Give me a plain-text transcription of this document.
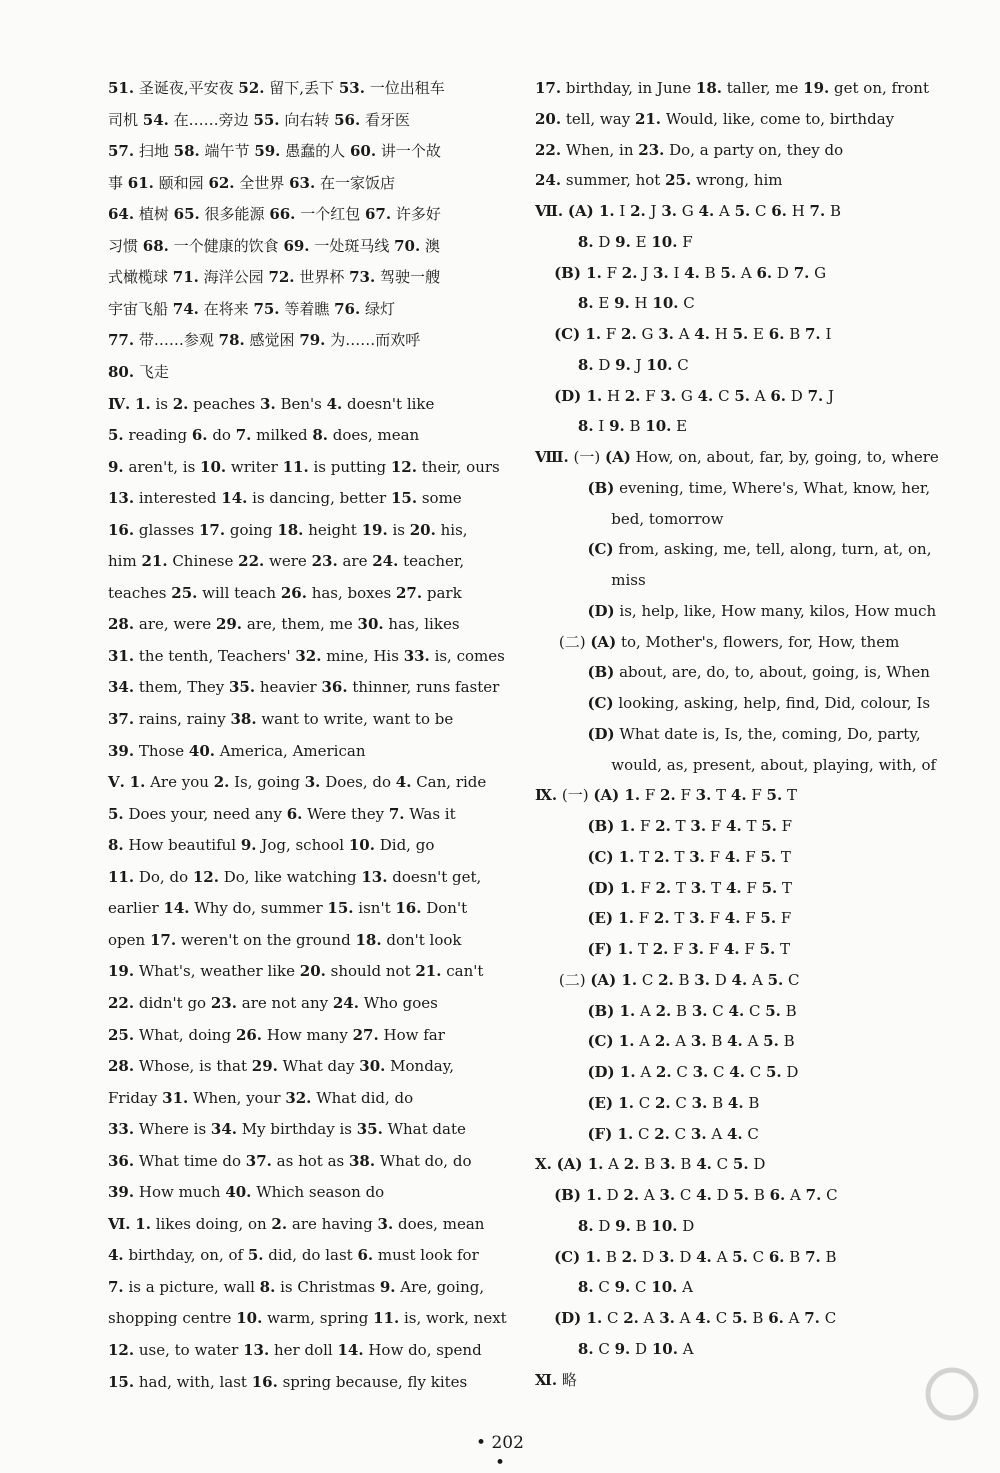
51. 圣诞夜,平安夜 52. 留下,丢下 53. 一位出租车
司机 54. 在……旁边 55. 向右转 56. 看牙医
57. 扫地 58. 端午节 59. 愚蠢的人 60. 讲一个故
事 61. 颐和园 62. 全世界 63. 在一家饭店
64. 植树 65. 很多能源 66. 一个红包 67. 许多好
习惯 68. 一个健康的饮食 69. 一处斑马线 70. 澳
式橄榄球 71. 海洋公园 72. 世界杯 73. 驾驶一艘
宇宙飞船 74. 在将来 75. 等着瞧 76. 绿灯
77. 带……参观 78. 感觉困 79. 为……而欢呼
80. 飞走
Ⅳ. 1. is 2. peaches 3. Ben's 4. doesn't like
5. reading 6. do 7. milked 8. does, mean
9. aren't, is 10. writer 11. is putting 12. their, ours
13. interested 14. is dancing, better 15. some
16. glasses 17. going 18. height 19. is 20. his,
him 21. Chinese 22. were 23. are 24. teacher,
teaches 25. will teach 26. has, boxes 27. park
28. are, were 29. are, them, me 30. has, likes
31. the tenth, Teachers' 32. mine, His 33. is, comes
34. them, They 35. heavier 36. thinner, runs faster
37. rains, rainy 38. want to write, want to be
39. Those 40. America, American
Ⅴ. 1. Are you 2. Is, going 3. Does, do 4. Can, ride
5. Does your, need any 6. Were they 7. Was it
8. How beautiful 9. Jog, school 10. Did, go
11. Do, do 12. Do, like watching 13. doesn't get,
earlier 14. Why do, summer 15. isn't 16. Don't
open 17. weren't on the ground 18. don't look
19. What's, weather like 20. should not 21. can't
22. didn't go 23. are not any 24. Who goes
25. What, doing 26. How many 27. How far
28. Whose, is that 29. What day 30. Monday,
Friday 31. When, your 32. What did, do
33. Where is 34. My birthday is 35. What date
36. What time do 37. as hot as 38. What do, do
39. How much 40. Which season do
Ⅵ. 1. likes doing, on 2. are having 3. does, mean
4. birthday, on, of 5. did, do last 6. must look for
7. is a picture, wall 8. is Christmas 9. Are, going,
shopping centre 10. warm, spring 11. is, work, next
12. use, to water 13. her doll 14. How do, spend
15. had, with, last 16. spring because, fly kites
17. birthday, in June 18. taller, me 19. get on, front
20. tell, way 21. Would, like, come to, birthday
22. When, in 23. Do, a party on, they do
24. summer, hot 25. wrong, him
Ⅶ. (A) 1. I 2. J 3. G 4. A 5. C 6. H 7. B
8. D 9. E 10. F
(B) 1. F 2. J 3. I 4. B 5. A 6. D 7. G
8. E 9. H 10. C
(C) 1. F 2. G 3. A 4. H 5. E 6. B 7. I
8. D 9. J 10. C
(D) 1. H 2. F 3. G 4. C 5. A 6. D 7. J
8. I 9. B 10. E
Ⅷ. (一) (A) How, on, about, far, by, going, to, where
(B) evening, time, Where's, What, know, her,
bed, tomorrow
(C) from, asking, me, tell, along, turn, at, on,
miss
(D) is, help, like, How many, kilos, How much
(二) (A) to, Mother's, flowers, for, How, them
(B) about, are, do, to, about, going, is, When
(C) looking, asking, help, find, Did, colour, Is
(D) What date is, Is, the, coming, Do, party,
would, as, present, about, playing, with, of
Ⅸ. (一) (A) 1. F 2. F 3. T 4. F 5. T
(B) 1. F 2. T 3. F 4. T 5. F
(C) 1. T 2. T 3. F 4. F 5. T
(D) 1. F 2. T 3. T 4. F 5. T
(E) 1. F 2. T 3. F 4. F 5. F
(F) 1. T 2. F 3. F 4. F 5. T
(二) (A) 1. C 2. B 3. D 4. A 5. C
(B) 1. A 2. B 3. C 4. C 5. B
(C) 1. A 2. A 3. B 4. A 5. B
(D) 1. A 2. C 3. C 4. C 5. D
(E) 1. C 2. C 3. B 4. B
(F) 1. C 2. C 3. A 4. C
Ⅹ. (A) 1. A 2. B 3. B 4. C 5. D
(B) 1. D 2. A 3. C 4. D 5. B 6. A 7. C
8. D 9. B 10. D
(C) 1. B 2. D 3. D 4. A 5. C 6. B 7. B
8. C 9. C 10. A
(D) 1. C 2. A 3. A 4. C 5. B 6. A 7. C
8. C 9. D 10. A
Ⅺ. 略
• 202 •
